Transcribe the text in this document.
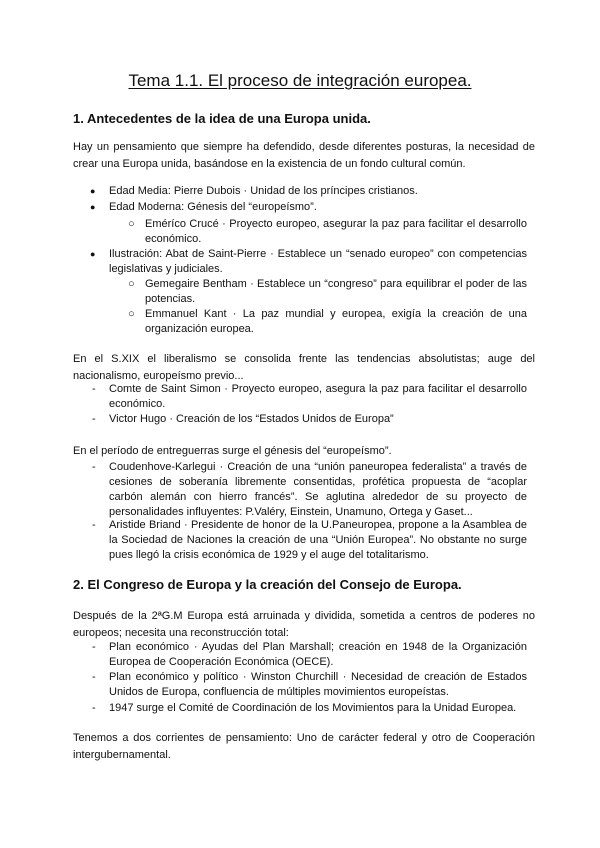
Tema 1.1. El proceso de integración europea.
1. Antecedentes de la idea de una Europa unida.

Hay un pensamiento que siempre ha defendido, desde diferentes posturas, la necesidad de crear una Europa unida, basándose en la existencia de un fondo cultural común.

● Edad Media: Pierre Dubois · Unidad de los príncipes cristianos.
● Edad Moderna: Génesis del “europeísmo”.
○ Eméríco Crucé · Proyecto europeo, asegurar la paz para facilitar el desarrollo económico.
● Ilustración: Abat de Saint-Pierre · Establece un “senado europeo” con competencias legislativas y judiciales.
○ Gemegaire Bentham · Establece un “congreso” para equilibrar el poder de las potencias.
○ Emmanuel Kant · La paz mundial y europea, exigía la creación de una organización europea.

En el S.XIX el liberalismo se consolida frente las tendencias absolutistas; auge del nacionalismo, europeísmo previo...

- Comte de Saint Simon · Proyecto europeo, asegura la paz para facilitar el desarrollo económico.
- Victor Hugo · Creación de los “Estados Unidos de Europa”

En el período de entreguerras surge el génesis del “europeísmo”.

- Coudenhove-Karlegui · Creación de una “unión paneuropea federalista” a través de cesiones de soberanía libremente consentidas, profética propuesta de “acoplar carbón alemán con hierro francés”. Se aglutina alrededor de su proyecto de personalidades influyentes: P.Valéry, Einstein, Unamuno, Ortega y Gaset...
- Aristide Briand · Presidente de honor de la U.Paneuropea, propone a la Asamblea de la Sociedad de Naciones la creación de una “Unión Europea”. No obstante no surge pues llegó la crisis económica de 1929 y el auge del totalitarismo.
2. El Congreso de Europa y la creación del Consejo de Europa.

Después de la 2ªG.M Europa está arruinada y dividida, sometida a centros de poderes no europeos; necesita una reconstrucción total:

- Plan económico · Ayudas del Plan Marshall; creación en 1948 de la Organización Europea de Cooperación Económica (OECE).
- Plan económico y político · Winston Churchill · Necesidad de creación de Estados Unidos de Europa, confluencia de múltiples movimientos europeístas.
- 1947 surge el Comité de Coordinación de los Movimientos para la Unidad Europea.

Tenemos a dos corrientes de pensamiento: Uno de carácter federal y otro de Cooperación intergubernamental.
